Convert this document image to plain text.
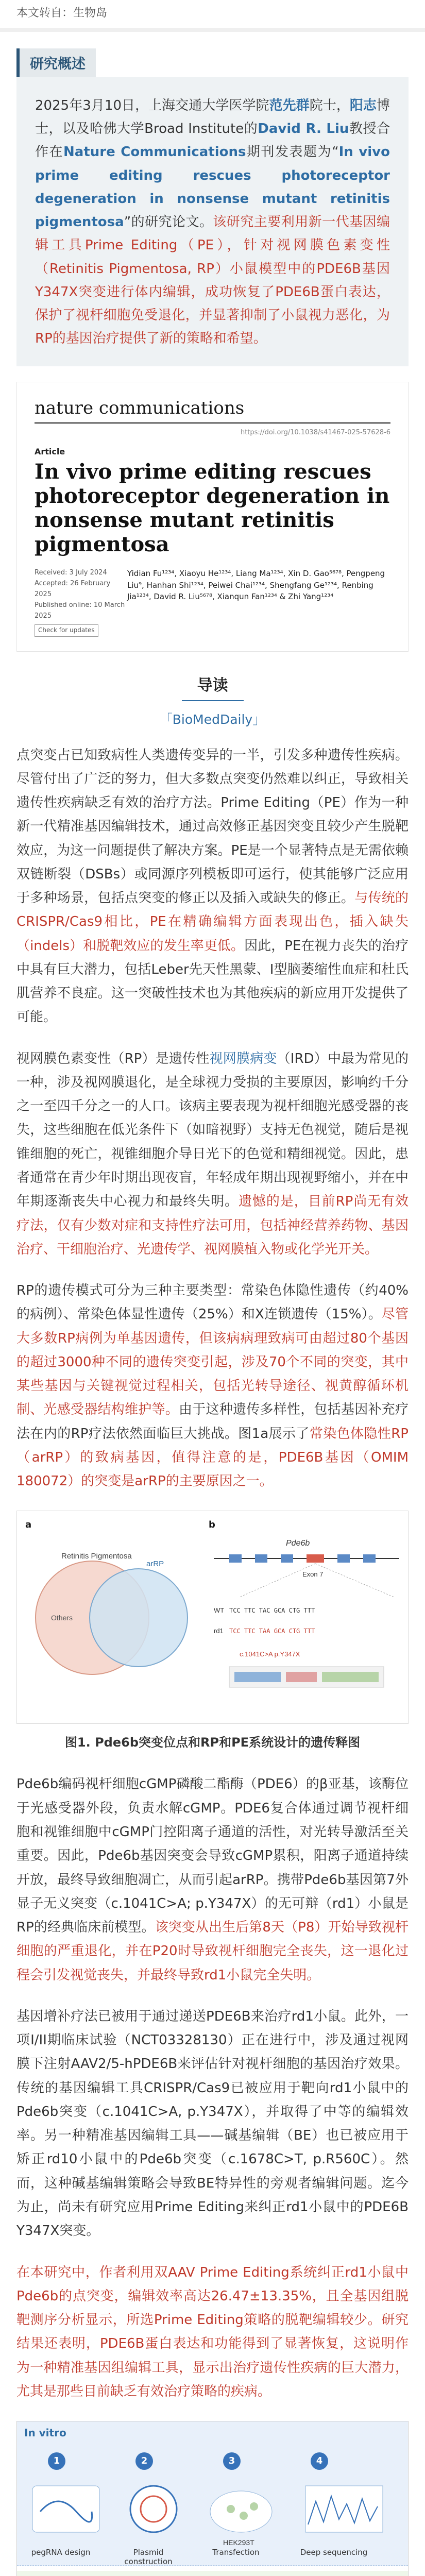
本文转自：生物岛
研究概述
2025年3月10日，上海交通大学医学院范先群院士，阳志博士，以及哈佛大学Broad Institute的David R. Liu教授合作在Nature Communications期刊发表题为“In vivo prime editing rescues photoreceptor degeneration in nonsense mutant retinitis pigmentosa”的研究论文。该研究主要利用新一代基因编辑工具Prime Editing（PE），针对视网膜色素变性（Retinitis Pigmentosa, RP）小鼠模型中的PDE6B基因Y347X突变进行体内编辑，成功恢复了PDE6B蛋白表达，保护了视杆细胞免受退化，并显著抑制了小鼠视力恶化，为RP的基因治疗提供了新的策略和希望。
nature communications
https://doi.org/10.1038/s41467-025-57628-6
Article
In vivo prime editing rescues photoreceptor degeneration in nonsense mutant retinitis pigmentosa
Received: 3 July 2024
Accepted: 26 February 2025
Published online: 10 March 2025
Check for updates
Yidian Fu¹²³⁴, Xiaoyu He¹²³⁴, Liang Ma¹²³⁴, Xin D. Gao⁵⁶⁷⁸, Pengpeng Liu⁹, Hanhan Shi¹²³⁴, Peiwei Chai¹²³⁴, Shengfang Ge¹²³⁴, Renbing Jia¹²³⁴, David R. Liu⁵⁶⁷⁸, Xianqun Fan¹²³⁴ & Zhi Yang¹²³⁴
导读
「BioMedDaily」

点突变占已知致病性人类遗传变异的一半，引发多种遗传性疾病。尽管付出了广泛的努力，但大多数点突变仍然难以纠正，导致相关遗传性疾病缺乏有效的治疗方法。Prime Editing（PE）作为一种新一代精准基因编辑技术，通过高效修正基因突变且较少产生脱靶效应，为这一问题提供了解决方案。PE是一个显著特点是无需依赖双链断裂（DSBs）或同源序列模板即可运行，使其能够广泛应用于多种场景，包括点突变的修正以及插入或缺失的修正。与传统的CRISPR/Cas9相比，PE在精确编辑方面表现出色，插入缺失（indels）和脱靶效应的发生率更低。因此，PE在视力丧失的治疗中具有巨大潜力，包括Leber先天性黑蒙、I型脑萎缩性血症和杜氏肌营养不良症。这一突破性技术也为其他疾病的新应用开发提供了可能。

视网膜色素变性（RP）是遗传性视网膜病变（IRD）中最为常见的一种，涉及视网膜退化，是全球视力受损的主要原因，影响约千分之一至四千分之一的人口。该病主要表现为视杆细胞光感受器的丧失，这些细胞在低光条件下（如暗视野）支持无色视觉，随后是视锥细胞的死亡，视锥细胞介导日光下的色觉和精细视觉。因此，患者通常在青少年时期出现夜盲，年轻成年期出现视野缩小，并在中年期逐渐丧失中心视力和最终失明。遗憾的是，目前RP尚无有效疗法，仅有少数对症和支持性疗法可用，包括神经营养药物、基因治疗、干细胞治疗、光遗传学、视网膜植入物或化学光开关。

RP的遗传模式可分为三种主要类型：常染色体隐性遗传（约40%的病例）、常染色体显性遗传（25%）和X连锁遗传（15%）。尽管大多数RP病例为单基因遗传，但该病病理致病可由超过80个基因的超过3000种不同的遗传突变引起，涉及70个不同的突变，其中某些基因与关键视觉过程相关，包括光转导途径、视黄醇循环机制、光感受器结构维护等。由于这种遗传多样性，包括基因补充疗法在内的RP疗法依然面临巨大挑战。图1a展示了常染色体隐性RP（arRP）的致病基因，值得注意的是，PDE6B基因（OMIM 180072）的突变是arRP的主要原因之一。

a
Retinitis Pigmentosa
arRP
Others
b
Pde6b
Exon 7
WT TCC TTC TAC GCA CTG TTT
rd1 TCC TTC TAA GCA CTG TTT
c.1041C>A p.Y347X
图1. Pde6b突变位点和RP和PE系统设计的遗传释图

Pde6b编码视杆细胞cGMP磷酸二酯酶（PDE6）的β亚基，该酶位于光感受器外段，负责水解cGMP。PDE6复合体通过调节视杆细胞和视锥细胞中cGMP门控阳离子通道的活性，对光转导激活至关重要。因此，Pde6b基因突变会导致cGMP累积，阳离子通道持续开放，最终导致细胞凋亡，从而引起arRP。携带Pde6b基因第7外显子无义突变（c.1041C>A; p.Y347X）的无可辩（rd1）小鼠是RP的经典临床前模型。该突变从出生后第8天（P8）开始导致视杆细胞的严重退化，并在P20时导致视杆细胞完全丧失，这一退化过程会引发视觉丧失，并最终导致rd1小鼠完全失明。

基因增补疗法已被用于通过递送PDE6B来治疗rd1小鼠。此外，一项I/II期临床试验（NCT03328130）正在进行中，涉及通过视网膜下注射AAV2/5-hPDE6B来评估针对视杆细胞的基因治疗效果。传统的基因编辑工具CRISPR/Cas9已被应用于靶向rd1小鼠中的Pde6b突变（c.1041C>A, p.Y347X），并取得了中等的编辑效率。另一种精准基因编辑工具——碱基编辑（BE）也已被应用于矫正rd10小鼠中的Pde6b突变（c.1678C>T, p.R560C）。然而，这种碱基编辑策略会导致BE特异性的旁观者编辑问题。迄今为止，尚未有研究应用Prime Editing来纠正rd1小鼠中的PDE6B Y347X突变。

在本研究中，作者利用双AAV Prime Editing系统纠正rd1小鼠中Pde6b的点突变，编辑效率高达26.47±13.35%，且全基因组脱靶测序分析显示，所选Prime Editing策略的脱靶编辑较少。研究结果还表明，PDE6B蛋白表达和功能得到了显著恢复，这说明作为一种精准基因组编辑工具，显示出治疗遗传性疾病的巨大潜力，尤其是那些目前缺乏有效治疗策略的疾病。

In vitro
1	2	3	4
HEK293T
pegRNA design	Plasmid construction
Transfection	Deep sequencing
